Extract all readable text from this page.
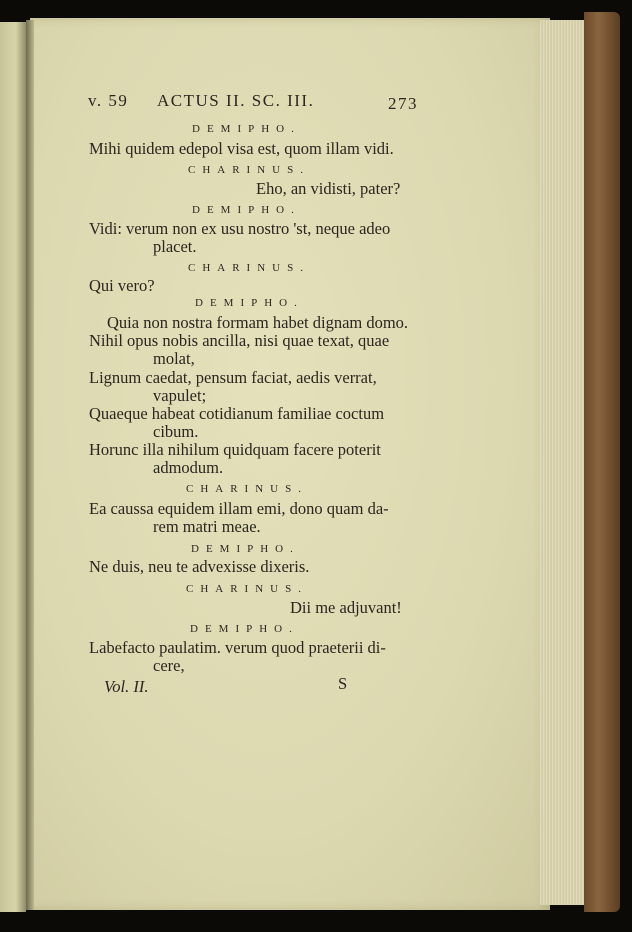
v. 59 ACTUS II. SC. III.	273
DEMIPHO.
Mihi quidem edepol visa est, quom illam vidi.
CHARINUS.
Eho, an vidisti, pater?
DEMIPHO.
Vidi: verum non ex usu nostro 'st, neque adeo
placet.
CHARINUS.
Qui vero?
DEMIPHO.
Quia non nostra formam habet dignam domo.
Nihil opus nobis ancilla, nisi quae texat, quae
molat,
Lignum caedat, pensum faciat, aedis verrat,
vapulet;
Quaeque habeat cotidianum familiae coctum
cibum.
Horunc illa nihilum quidquam facere poterit
admodum.
CHARINUS.
Ea caussa equidem illam emi, dono quam da-
rem matri meae.
DEMIPHO.
Ne duis, neu te advexisse dixeris.
CHARINUS.
Dii me adjuvant!
DEMIPHO.
Labefacto paulatim. verum quod praeterii di-
cere,
Vol. II.	S
